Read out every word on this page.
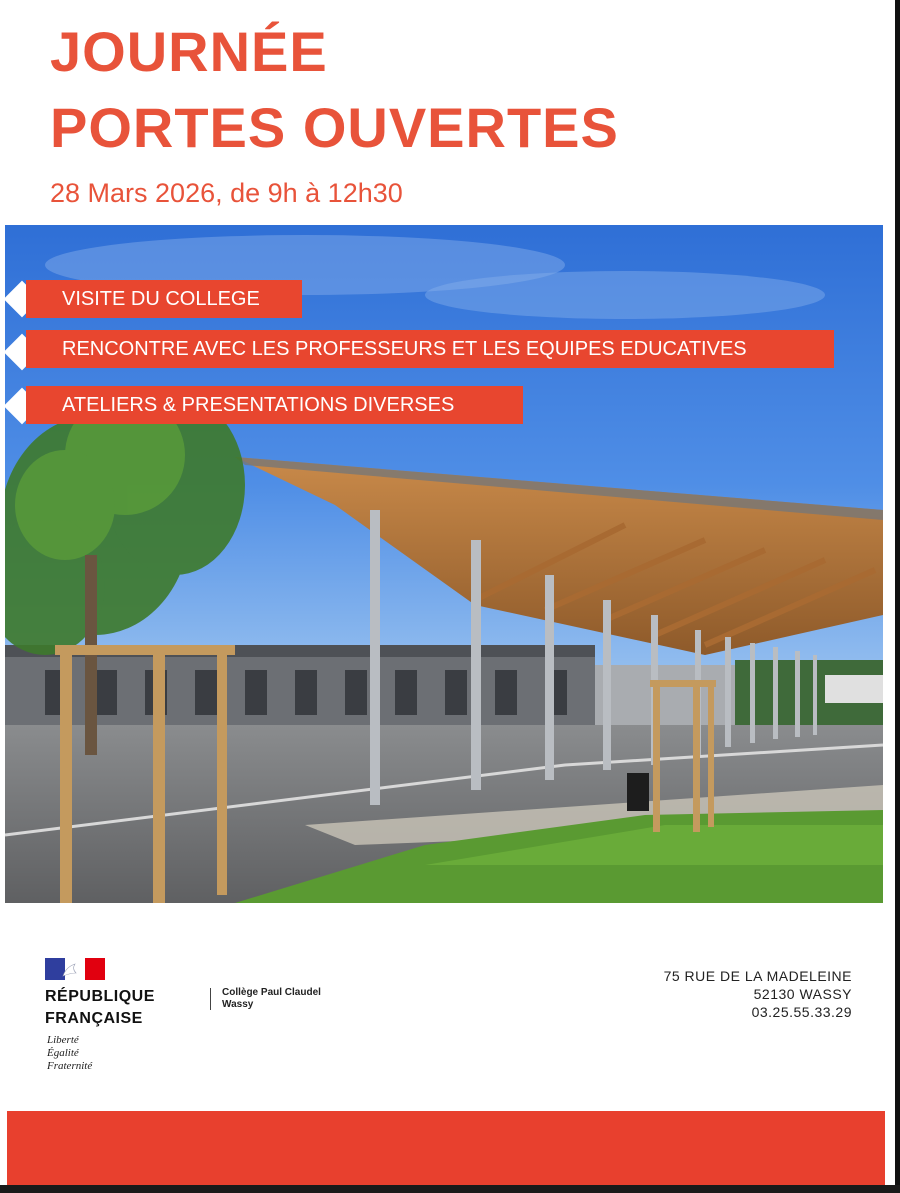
JOURNÉE
PORTES OUVERTES

28 Mars 2026, de 9h à 12h30

VISITE DU COLLEGE
RENCONTRE AVEC LES PROFESSEURS ET LES EQUIPES EDUCATIVES
ATELIERS & PRESENTATIONS DIVERSES

RÉPUBLIQUE
FRANÇAISE

Liberté
Égalité
Fraternité

Collège Paul Claudel
Wassy

75 RUE DE LA MADELEINE
52130 WASSY
03.25.55.33.29
